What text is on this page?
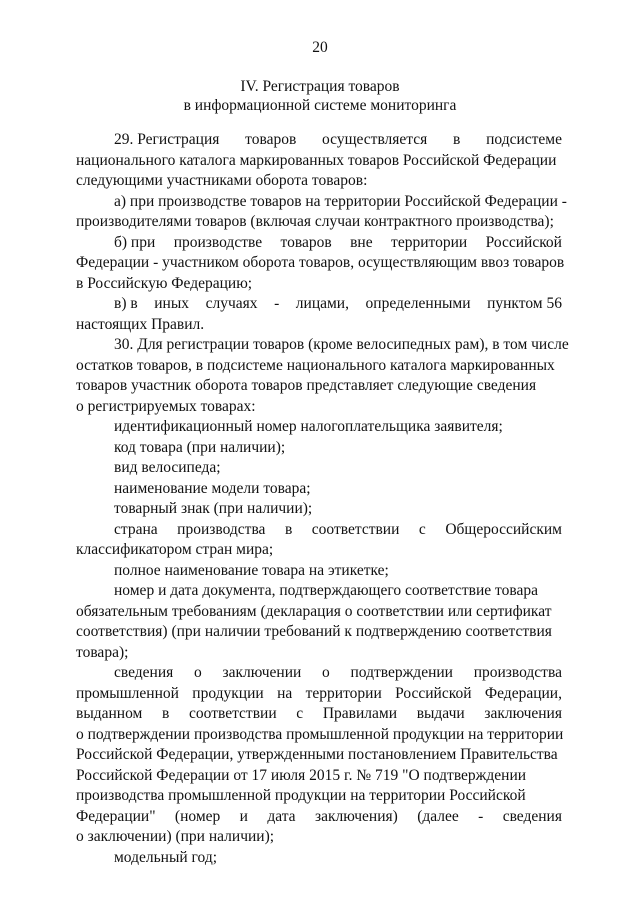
20
IV. Регистрация товаров
в информационной системе мониторинга
29. Регистрация товаров осуществляется в подсистеме
национального каталога маркированных товаров Российской Федерации
следующими участниками оборота товаров:
а) при производстве товаров на территории Российской Федерации -
производителями товаров (включая случаи контрактного производства);
б) при производстве товаров вне территории Российской
Федерации - участником оборота товаров, осуществляющим ввоз товаров
в Российскую Федерацию;
в) в иных случаях - лицами, определенными пунктом 56
настоящих Правил.
30. Для регистрации товаров (кроме велосипедных рам), в том числе
остатков товаров, в подсистеме национального каталога маркированных
товаров участник оборота товаров представляет следующие сведения
о регистрируемых товарах:
идентификационный номер налогоплательщика заявителя;
код товара (при наличии);
вид велосипеда;
наименование модели товара;
товарный знак (при наличии);
страна производства в соответствии с Общероссийским
классификатором стран мира;
полное наименование товара на этикетке;
номер и дата документа, подтверждающего соответствие товара
обязательным требованиям (декларация о соответствии или сертификат
соответствия) (при наличии требований к подтверждению соответствия
товара);
сведения о заключении о подтверждении производства
промышленной продукции на территории Российской Федерации,
выданном в соответствии с Правилами выдачи заключения
о подтверждении производства промышленной продукции на территории
Российской Федерации, утвержденными постановлением Правительства
Российской Федерации от 17 июля 2015 г. № 719 "О подтверждении
производства промышленной продукции на территории Российской
Федерации" (номер и дата заключения) (далее - сведения
о заключении) (при наличии);
модельный год;
